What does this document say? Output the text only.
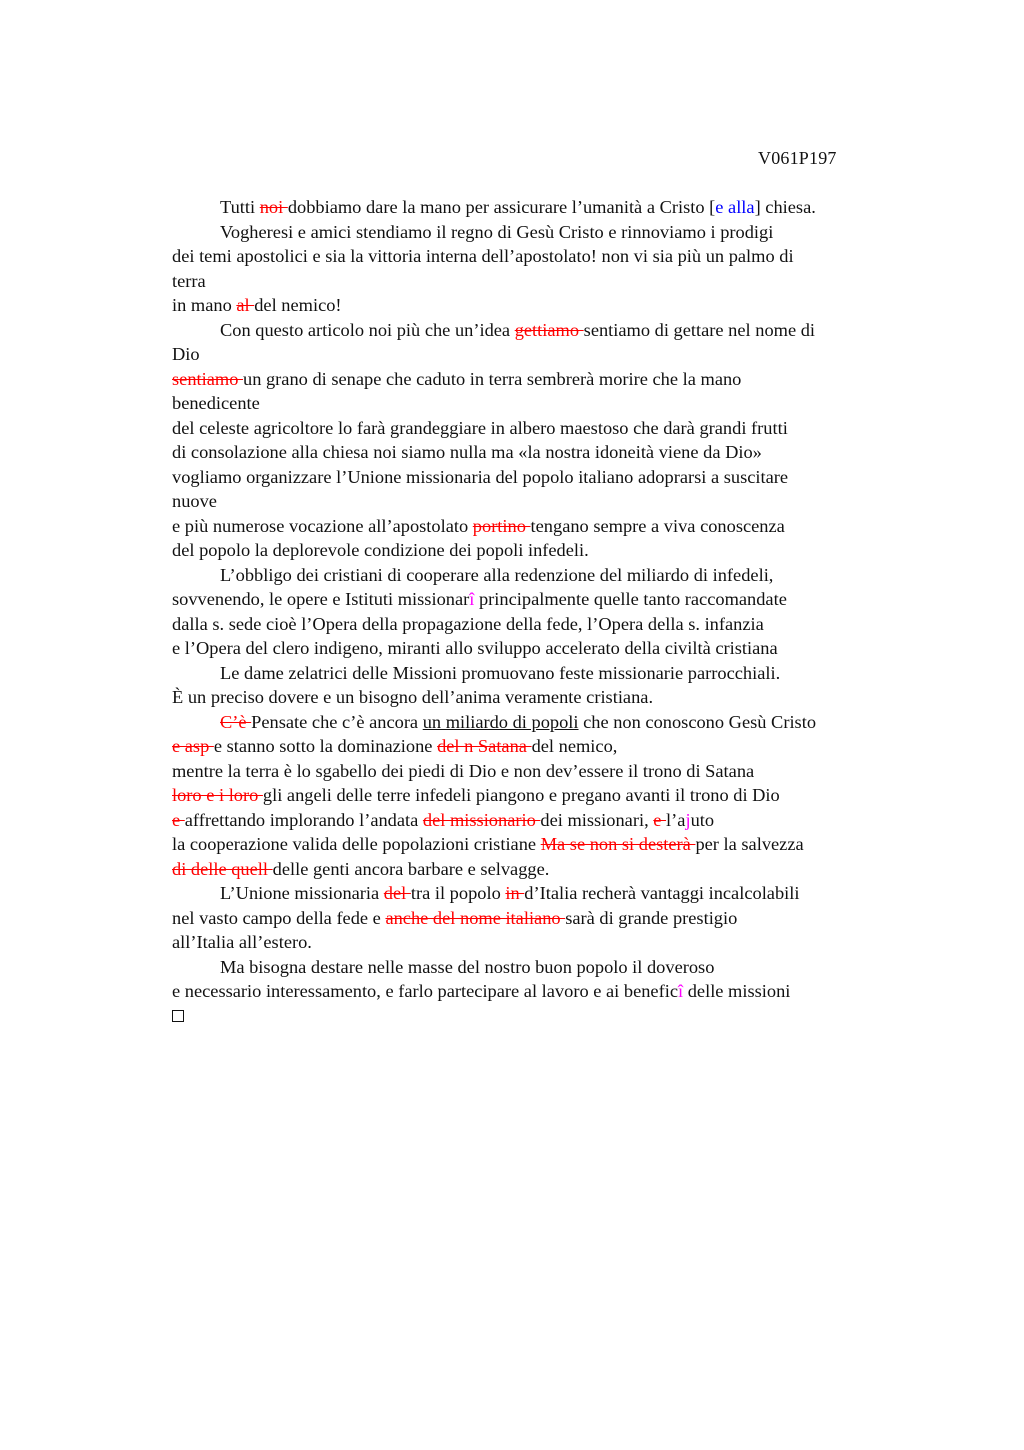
V061P197
Tutti noi dobbiamo dare la mano per assicurare l’umanità a Cristo [e alla] chiesa.
Vogheresi e amici stendiamo il regno di Gesù Cristo e rinnoviamo i prodigi
dei temi apostolici e sia la vittoria interna dell’apostolato! non vi sia più un palmo di
terra
in mano al del nemico!
Con questo articolo noi più che un’idea gettiamo sentiamo di gettare nel nome di
Dio
sentiamo un grano di senape che caduto in terra sembrerà morire che la mano
benedicente
del celeste agricoltore lo farà grandeggiare in albero maestoso che darà grandi frutti
di consolazione alla chiesa noi siamo nulla ma «la nostra idoneità viene da Dio»
vogliamo organizzare l’Unione missionaria del popolo italiano adoprarsi a suscitare
nuove
e più numerose vocazione all’apostolato portino tengano sempre a viva conoscenza
del popolo la deplorevole condizione dei popoli infedeli.
L’obbligo dei cristiani di cooperare alla redenzione del miliardo di infedeli,
sovvenendo, le opere e Istituti missionarî principalmente quelle tanto raccomandate
dalla s. sede cioè l’Opera della propagazione della fede, l’Opera della s. infanzia
e l’Opera del clero indigeno, miranti allo sviluppo accelerato della civiltà cristiana
Le dame zelatrici delle Missioni promuovano feste missionarie parrocchiali.
È un preciso dovere e un bisogno dell’anima veramente cristiana.
C’è Pensate che c’è ancora un miliardo di popoli che non conoscono Gesù Cristo
e asp e stanno sotto la dominazione del n Satana del nemico,
mentre la terra è lo sgabello dei piedi di Dio e non dev’essere il trono di Satana
loro e i loro gli angeli delle terre infedeli piangono e pregano avanti il trono di Dio
e affrettando implorando l’andata del missionario dei missionari, e l’ajuto
la cooperazione valida delle popolazioni cristiane Ma se non si desterà per la salvezza
di delle quell delle genti ancora barbare e selvagge.
L’Unione missionaria del tra il popolo in d’Italia recherà vantaggi incalcolabili
nel vasto campo della fede e anche del nome italiano sarà di grande prestigio
all’Italia all’estero.
Ma bisogna destare nelle masse del nostro buon popolo il doveroso
e necessario interessamento, e farlo partecipare al lavoro e ai beneficî delle missioni
